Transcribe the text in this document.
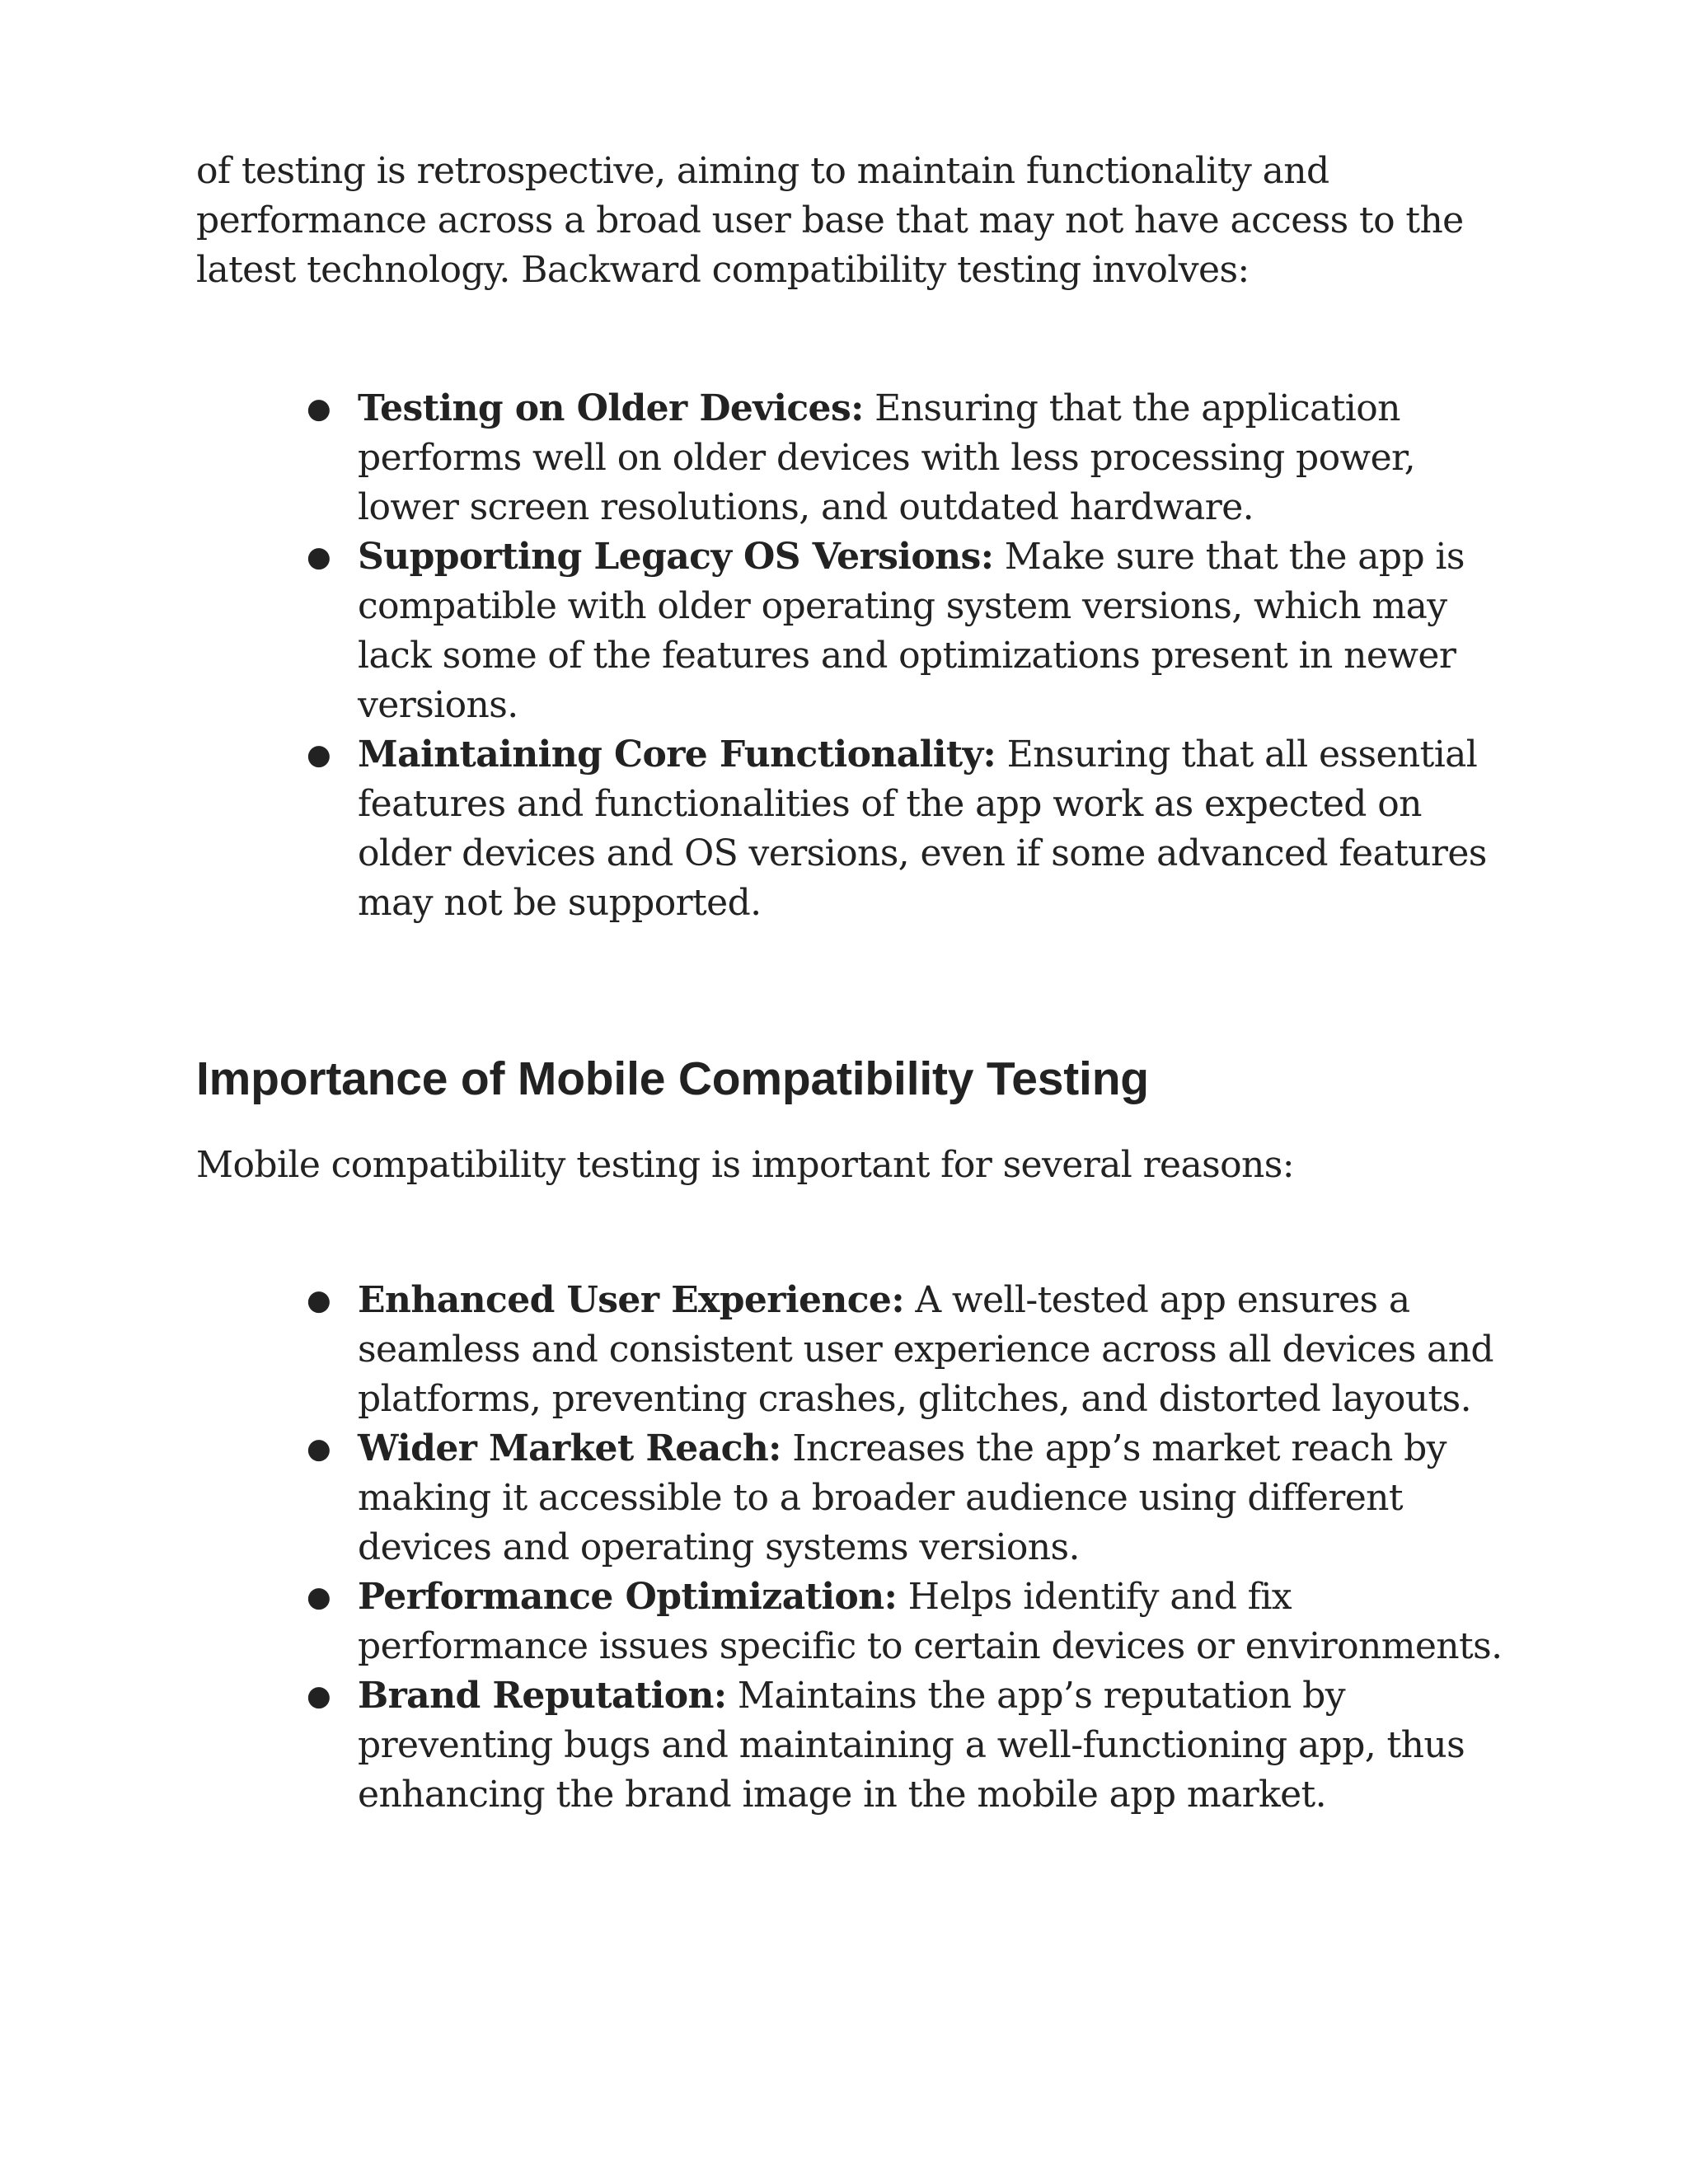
of testing is retrospective, aiming to maintain functionality and performance across a broad user base that may not have access to the latest technology. Backward compatibility testing involves:

● Testing on Older Devices: Ensuring that the application performs well on older devices with less processing power, lower screen resolutions, and outdated hardware.
● Supporting Legacy OS Versions: Make sure that the app is compatible with older operating system versions, which may lack some of the features and optimizations present in newer versions.
● Maintaining Core Functionality: Ensuring that all essential features and functionalities of the app work as expected on older devices and OS versions, even if some advanced features may not be supported.
Importance of Mobile Compatibility Testing

Mobile compatibility testing is important for several reasons:

● Enhanced User Experience: A well-tested app ensures a seamless and consistent user experience across all devices and platforms, preventing crashes, glitches, and distorted layouts.
● Wider Market Reach: Increases the app’s market reach by making it accessible to a broader audience using different devices and operating systems versions.
● Performance Optimization: Helps identify and fix performance issues specific to certain devices or environments.
● Brand Reputation: Maintains the app’s reputation by preventing bugs and maintaining a well-functioning app, thus enhancing the brand image in the mobile app market.
